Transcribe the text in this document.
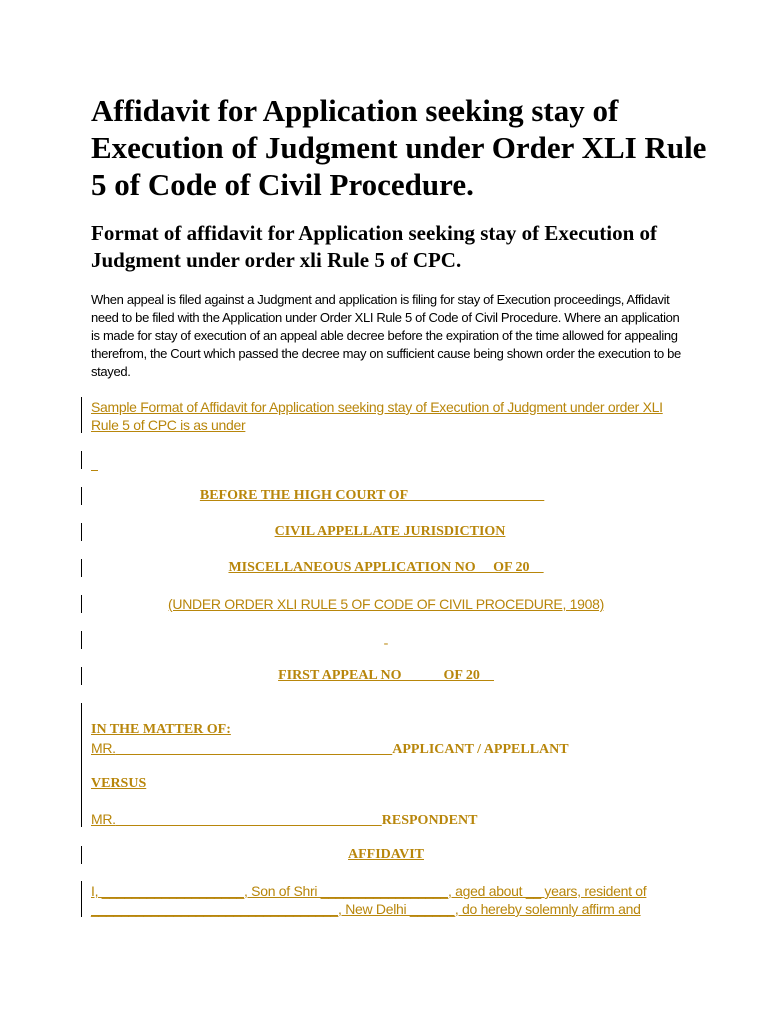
Affidavit for Application seeking stay of Execution of Judgment under Order XLI Rule 5 of Code of Civil Procedure.
Format of affidavit for Application seeking stay of Execution of Judgment under order xli Rule 5 of CPC.

When appeal is filed against a Judgment and application is filing for stay of Execution proceedings, Affidavit need to be filed with the Application under Order XLI Rule 5 of Code of Civil Procedure. Where an application is made for stay of execution of an appeal able decree before the expiration of the time allowed for appealing therefrom, the Court which passed the decree may on sufficient cause being shown order the execution to be stayed.

Sample Format of Affidavit for Application seeking stay of Execution of Judgment under order XLI Rule 5 of CPC is as under

BEFORE THE HIGH COURT OF ___________________
CIVIL APPELLATE JURISDICTION
MISCELLANEOUS APPLICATION NO__ OF 20__
(UNDER ORDER XLI RULE 5 OF CODE OF CIVIL PROCEDURE, 1908)
-
FIRST APPEAL NO _____ OF 20__
IN THE MATTER OF:
MR.	APPLICANT / APPELLANT
VERSUS
MR.	RESPONDENT
AFFIDAVIT
I, ___________________, Son of Shri _________________, aged about __ years, resident of
_________________________________, New Delhi ______, do hereby solemnly affirm and
